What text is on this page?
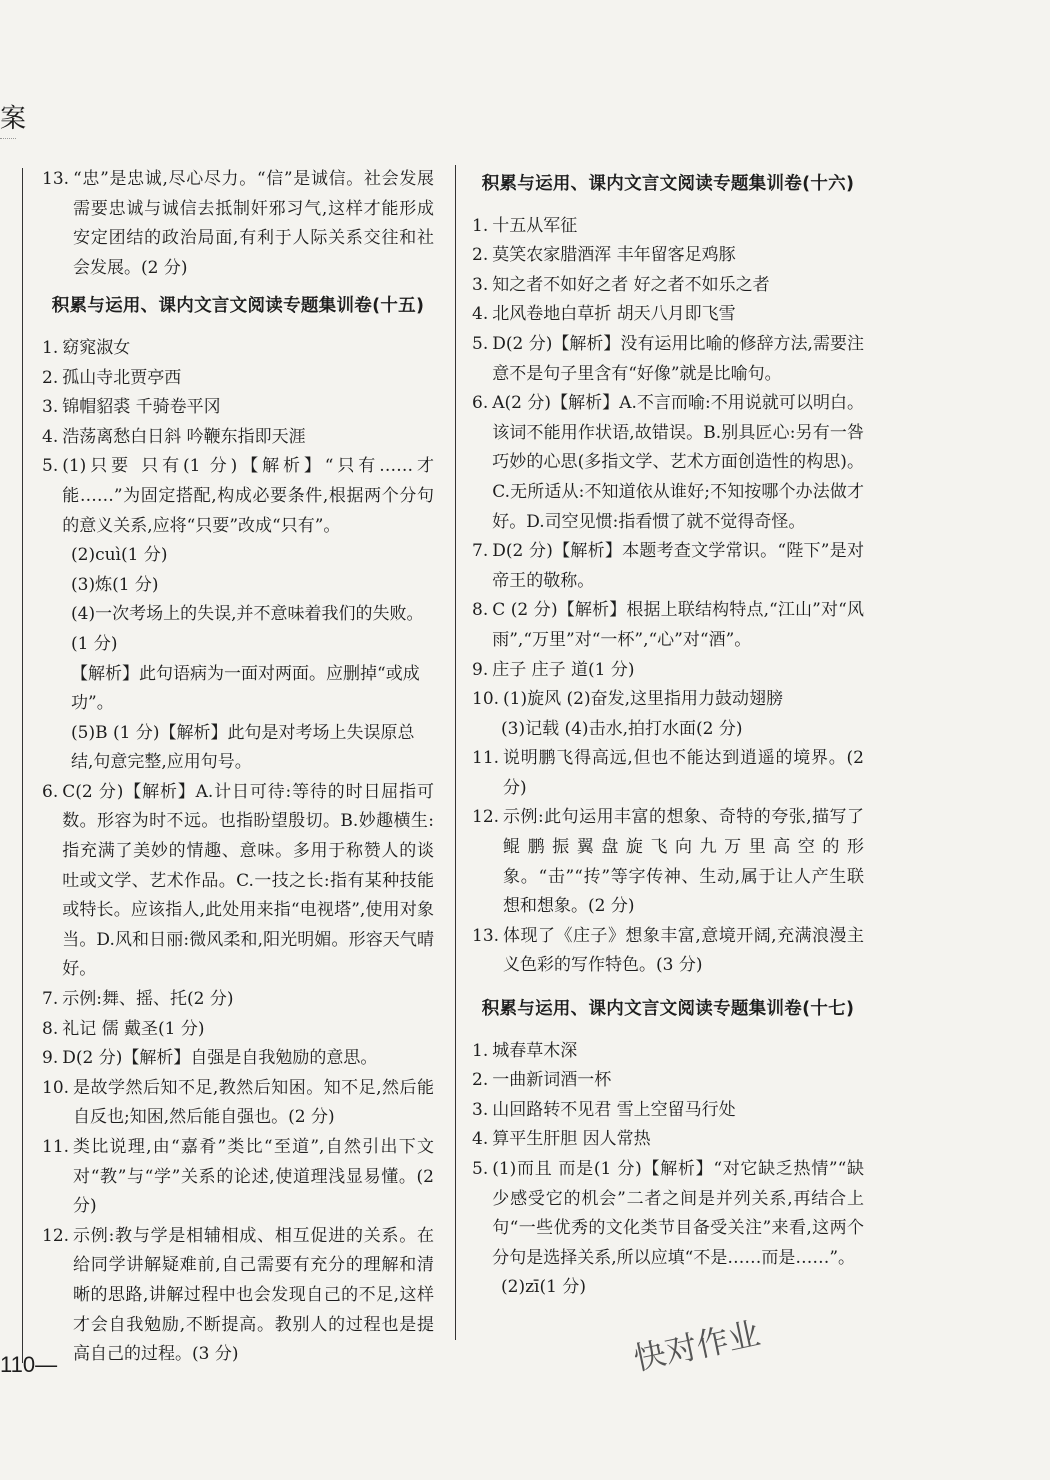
案
13. “忠”是忠诚,尽心尽力。“信”是诚信。社会发展需要忠诚与诚信去抵制奸邪习气,这样才能形成安定团结的政治局面,有利于人际关系交往和社会发展。(2 分)
积累与运用、课内文言文阅读专题集训卷(十五)
1. 窈窕淑女
2. 孤山寺北贾亭西
3. 锦帽貂裘 千骑卷平冈
4. 浩荡离愁白日斜 吟鞭东指即天涯
5. (1)只要 只有(1 分)【解析】“只有……才能……”为固定搭配,构成必要条件,根据两个分句的意义关系,应将“只要”改成“只有”。
(2)cuì(1 分)
(3)炼(1 分)
(4)一次考场上的失误,并不意味着我们的失败。(1 分)
【解析】此句语病为一面对两面。应删掉“或成功”。
(5)B (1 分)【解析】此句是对考场上失误原总结,句意完整,应用句号。
6. C(2 分)【解析】A.计日可待:等待的时日屈指可数。形容为时不远。也指盼望殷切。B.妙趣横生:指充满了美妙的情趣、意味。多用于称赞人的谈吐或文学、艺术作品。C.一技之长:指有某种技能或特长。应该指人,此处用来指“电视塔”,使用对象当。D.风和日丽:微风柔和,阳光明媚。形容天气晴好。
7. 示例:舞、摇、托(2 分)
8. 礼记 儒 戴圣(1 分)
9. D(2 分)【解析】自强是自我勉励的意思。
10. 是故学然后知不足,教然后知困。知不足,然后能自反也;知困,然后能自强也。(2 分)
11. 类比说理,由“嘉肴”类比“至道”,自然引出下文对“教”与“学”关系的论述,使道理浅显易懂。(2 分)
12. 示例:教与学是相辅相成、相互促进的关系。在给同学讲解疑难前,自己需要有充分的理解和清晰的思路,讲解过程中也会发现自己的不足,这样才会自我勉励,不断提高。教别人的过程也是提高自己的过程。(3 分)
积累与运用、课内文言文阅读专题集训卷(十六)
1. 十五从军征
2. 莫笑农家腊酒浑 丰年留客足鸡豚
3. 知之者不如好之者 好之者不如乐之者
4. 北风卷地白草折 胡天八月即飞雪
5. D(2 分)【解析】没有运用比喻的修辞方法,需要注意不是句子里含有“好像”就是比喻句。
6. A(2 分)【解析】A.不言而喻:不用说就可以明白。该词不能用作状语,故错误。B.别具匠心:另有一咎巧妙的心思(多指文学、艺术方面创造性的构思)。C.无所适从:不知道依从谁好;不知按哪个办法做才好。D.司空见惯:指看惯了就不觉得奇怪。
7. D(2 分)【解析】本题考查文学常识。“陛下”是对帝王的敬称。
8. C (2 分)【解析】根据上联结构特点,“江山”对“风雨”,“万里”对“一杯”,“心”对“酒”。
9. 庄子 庄子 道(1 分)
10. (1)旋风 (2)奋发,这里指用力鼓动翅膀
(3)记载 (4)击水,拍打水面(2 分)
11. 说明鹏飞得高远,但也不能达到逍遥的境界。(2 分)
12. 示例:此句运用丰富的想象、奇特的夸张,描写了鲲鹏振翼盘旋飞向九万里高空的形象。“击”“抟”等字传神、生动,属于让人产生联想和想象。(2 分)
13. 体现了《庄子》想象丰富,意境开阔,充满浪漫主义色彩的写作特色。(3 分)
积累与运用、课内文言文阅读专题集训卷(十七)
1. 城春草木深
2. 一曲新词酒一杯
3. 山回路转不见君 雪上空留马行处
4. 算平生肝胆 因人常热
5. (1)而且 而是(1 分)【解析】“对它缺乏热情”“缺少感受它的机会”二者之间是并列关系,再结合上句“一些优秀的文化类节目备受关注”来看,这两个分句是选择关系,所以应填“不是……而是……”。
(2)zī(1 分)
110—	快对作业
